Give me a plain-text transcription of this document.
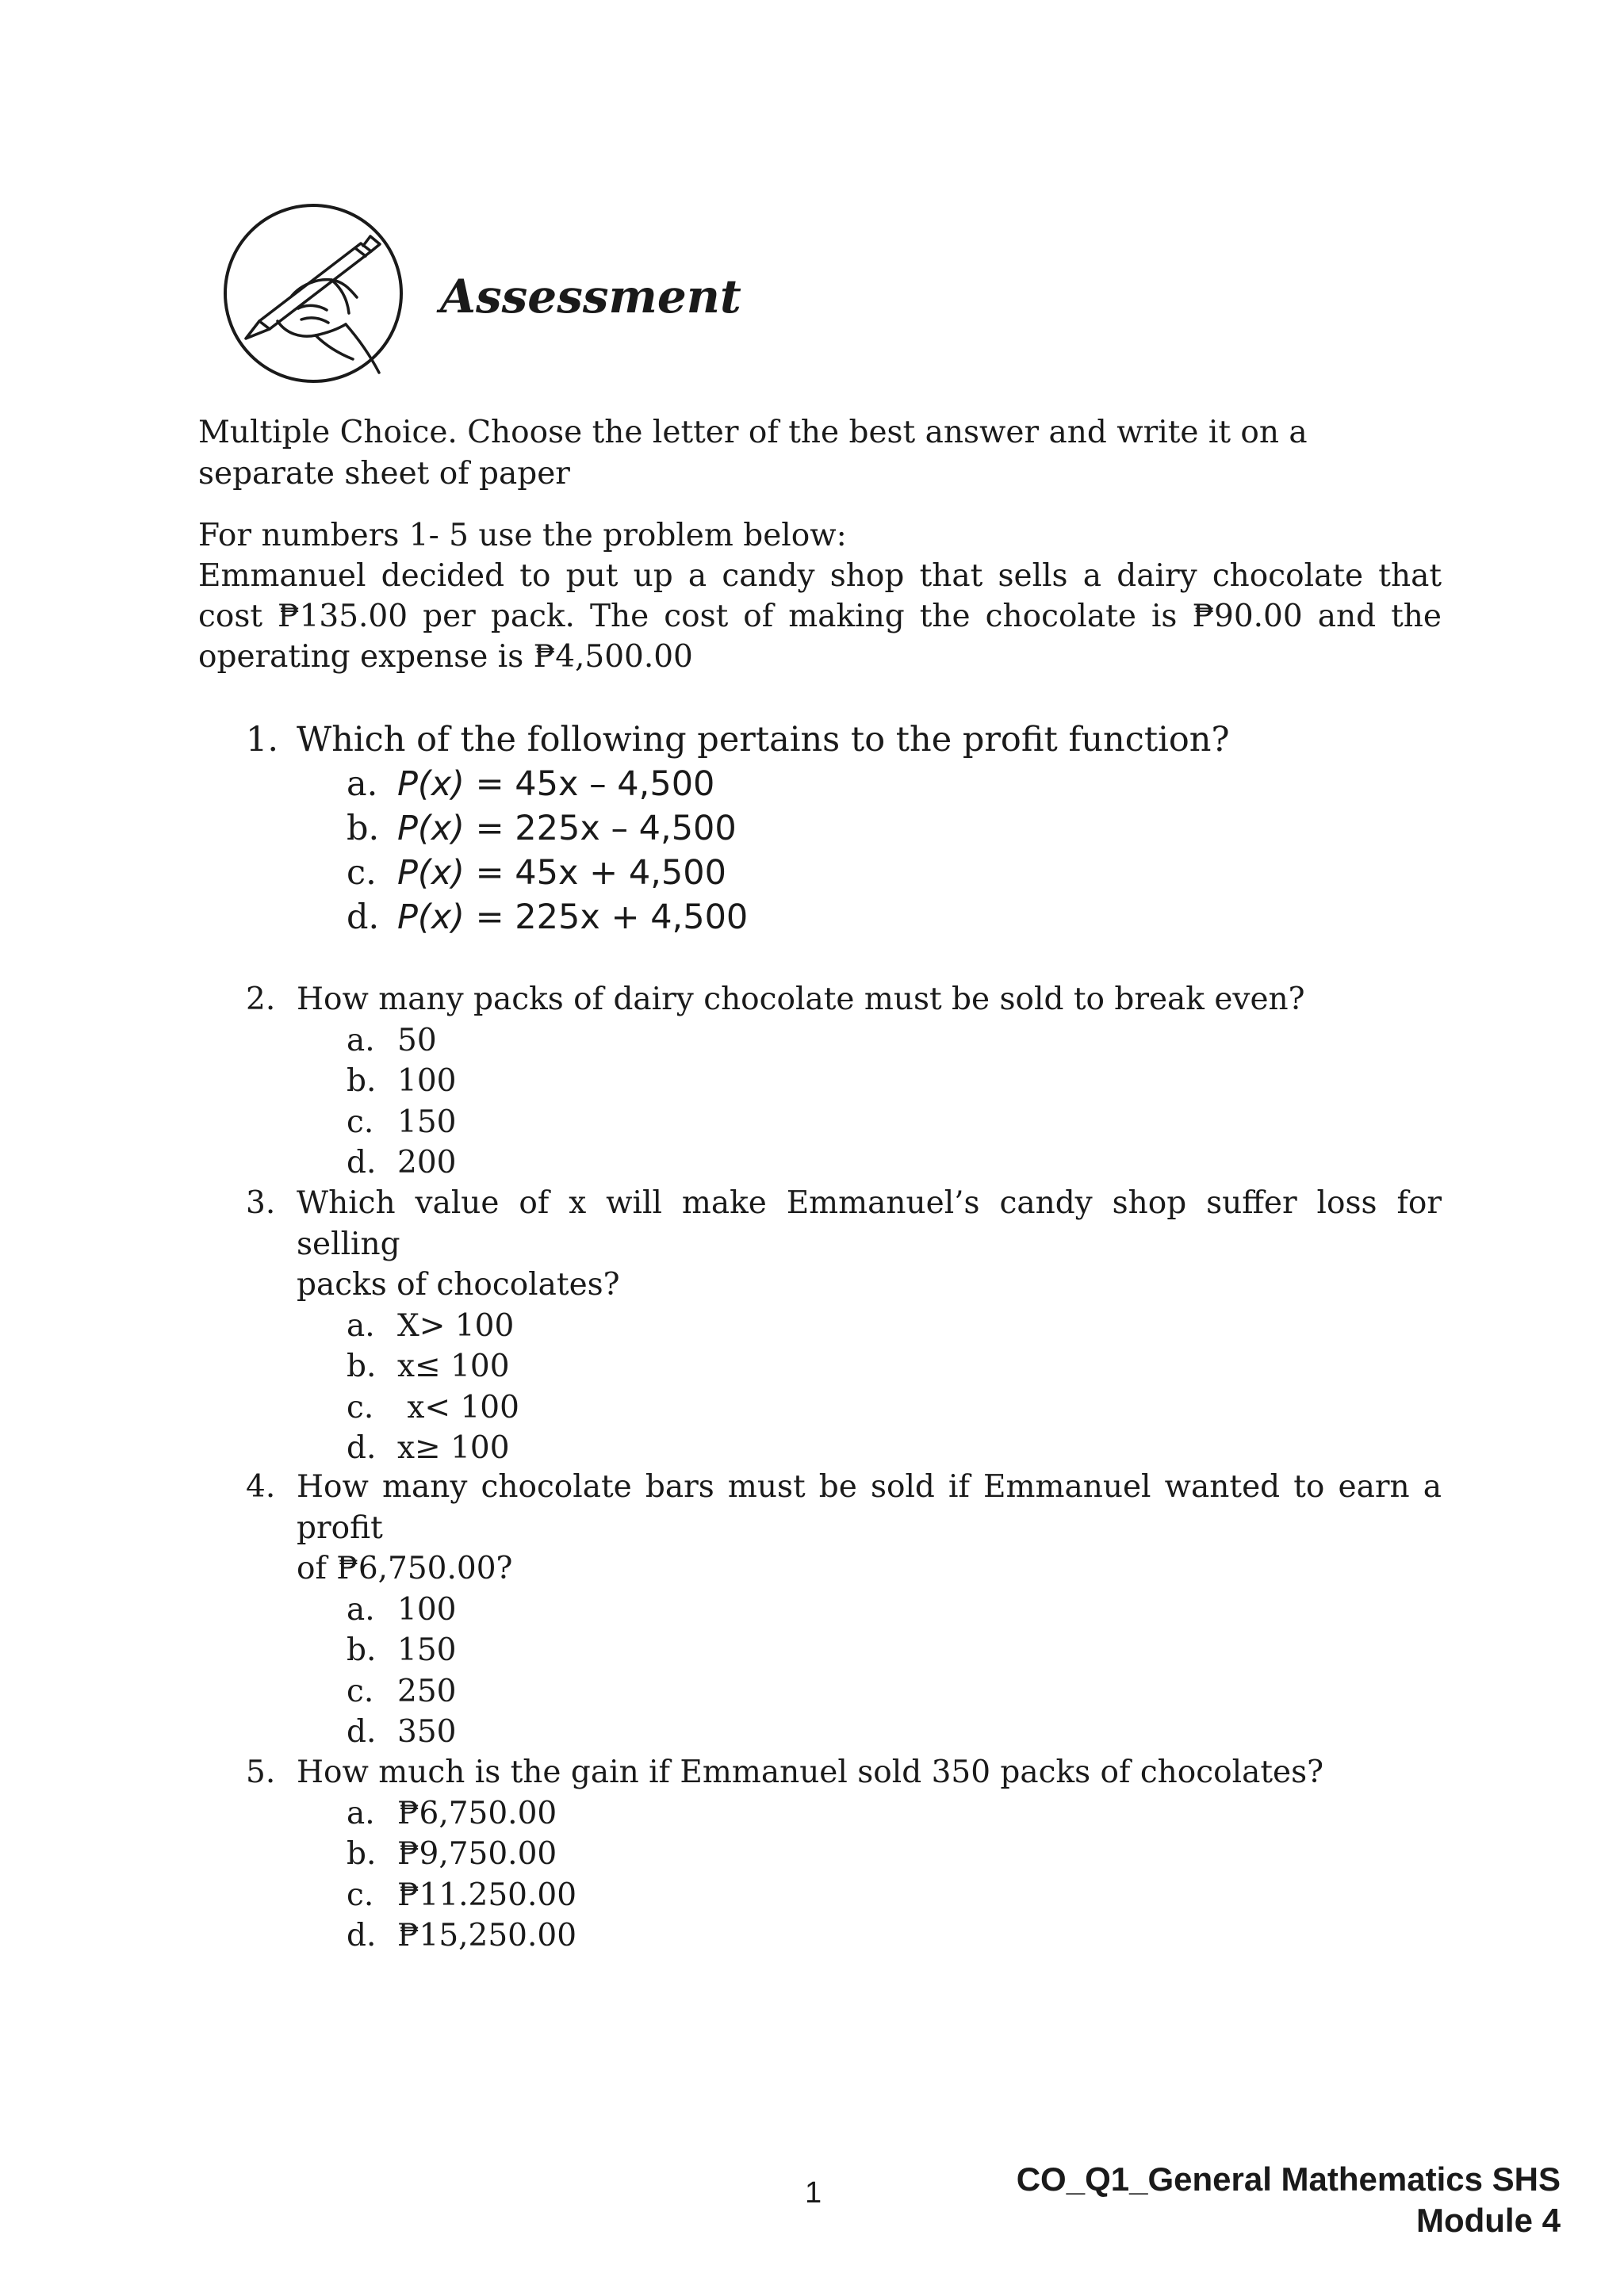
Assessment

Multiple Choice. Choose the letter of the best answer and write it on a separate sheet of paper

For numbers 1- 5 use the problem below:

Emmanuel decided to put up a candy shop that sells a dairy chocolate that cost ₱135.00 per pack. The cost of making the chocolate is ₱90.00 and the operating expense is ₱4,500.00

1. Which of the following pertains to the profit function?
a. P(x) = 45x – 4,500
b. P(x) = 225x – 4,500
c. P(x) = 45x + 4,500
d. P(x) = 225x + 4,500
2. How many packs of dairy chocolate must be sold to break even?
a. 50
b. 100
c. 150
d. 200
3. Which value of x will make Emmanuel’s candy shop suffer loss for selling
packs of chocolates?
a. X> 100
b. x≤ 100
c. x< 100
d. x≥ 100
4. How many chocolate bars must be sold if Emmanuel wanted to earn a profit
of ₱6,750.00?
a. 100
b. 150
c. 250
d. 350
5. How much is the gain if Emmanuel sold 350 packs of chocolates?
a. ₱6,750.00
b. ₱9,750.00
c. ₱11.250.00
d. ₱15,250.00
1	CO_Q1_General Mathematics SHS
Module 4
